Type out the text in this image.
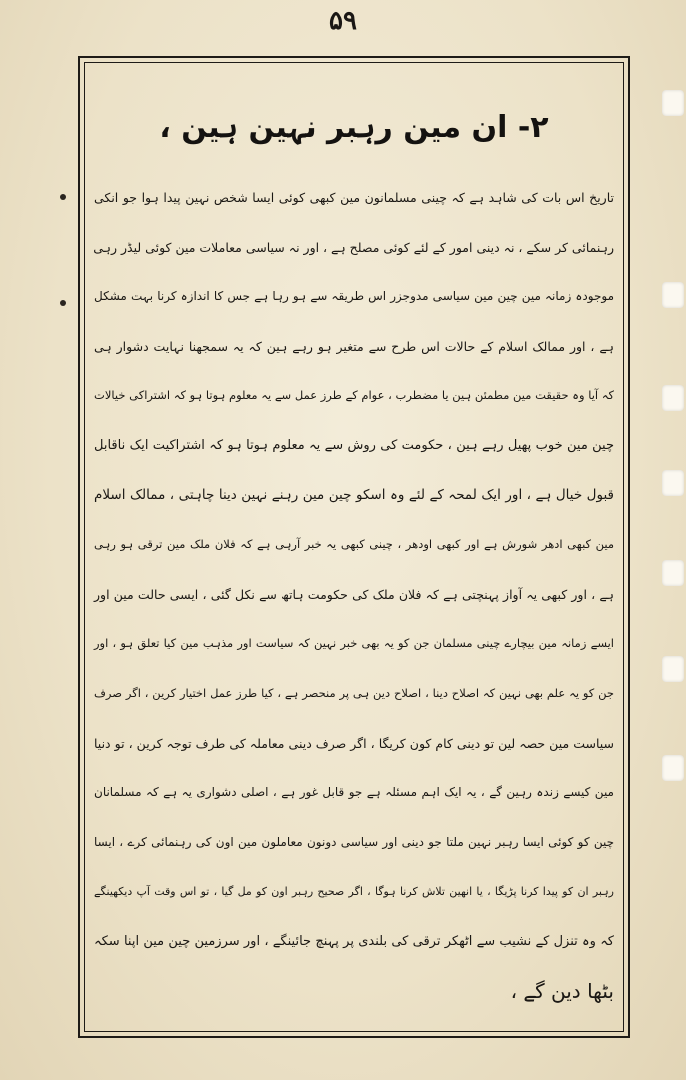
۵۹
۲- ان مین رہبر نہین ہین ،
تاریخ اس بات کی شاہد ہے کہ چینی مسلمانون مین کبھی کوئی ایسا شخص نہین پیدا ہوا جو انکی
رہنمائی کر سکے ، نہ دینی امور کے لئے کوئی مصلح ہے ، اور نہ سیاسی معاملات مین کوئی لیڈر رہی
موجودہ زمانہ مین چین مین سیاسی مدوجزر اس طریقہ سے ہو رہا ہے جس کا اندازہ کرنا بہت مشکل
ہے ، اور ممالک اسلام کے حالات اس طرح سے متغیر ہو رہے ہین کہ یہ سمجھنا نہایت دشوار ہی
کہ آیا وہ حقیقت مین مطمئن ہین یا مضطرب ، عوام کے طرز عمل سے یہ معلوم ہوتا ہو کہ اشتراکی خیالات
چین مین خوب پھیل رہے ہین ، حکومت کی روش سے یہ معلوم ہوتا ہو کہ اشتراکیت ایک ناقابل
قبول خیال ہے ، اور ایک لمحہ کے لئے وہ اسکو چین مین رہنے نہین دینا چاہتی ، ممالک اسلام
مین کبھی ادھر شورش ہے اور کبھی اودھر ، چینی کبھی یہ خبر آرہی ہے کہ فلان ملک مین ترقی ہو رہی
ہے ، اور کبھی یہ آواز پہنچتی ہے کہ فلان ملک کی حکومت ہاتھ سے نکل گئی ، ایسی حالت مین اور
ایسے زمانہ مین بیچارے چینی مسلمان جن کو یہ بھی خبر نہین کہ سیاست اور مذہب مین کیا تعلق ہو ، اور
جن کو یہ علم بھی نہین کہ اصلاح دینا ، اصلاح دین ہی پر منحصر ہے ، کیا طرز عمل اختیار کرین ، اگر صرف
سیاست مین حصہ لین تو دینی کام کون کریگا ، اگر صرف دینی معاملہ کی طرف توجہ کرین ، تو دنیا
مین کیسے زندہ رہین گے ، یہ ایک اہم مسئلہ ہے جو قابل غور ہے ، اصلی دشواری یہ ہے کہ مسلمانان
چین کو کوئی ایسا رہبر نہین ملتا جو دینی اور سیاسی دونون معاملون مین اون کی رہنمائی کرے ، ایسا
رہبر ان کو پیدا کرنا پڑیگا ، یا انھین تلاش کرنا ہوگا ، اگر صحیح رہبر اون کو مل گیا ، تو اس وقت آپ دیکھینگے
کہ وہ تنزل کے نشیب سے اٹھکر ترقی کی بلندی پر پہنچ جائینگے ، اور سرزمین چین مین اپنا سکہ
بٹھا دین گے ،
